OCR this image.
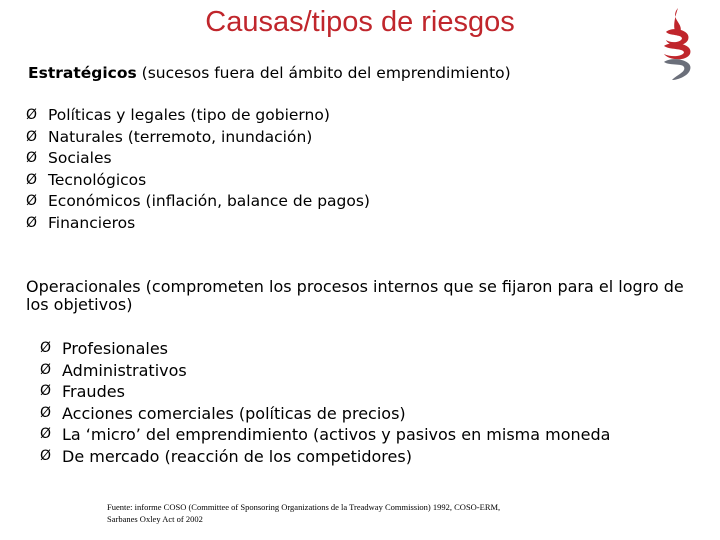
Causas/tipos de riesgos
Estratégicos (sucesos fuera del ámbito del emprendimiento)
Ø Políticas y legales (tipo de gobierno)
Ø Naturales (terremoto, inundación)
Ø Sociales
Ø Tecnológicos
Ø Económicos (inflación, balance de pagos)
Ø Financieros
Operacionales (comprometen los procesos internos que se fijaron para el logro de los objetivos)
Ø Profesionales
Ø Administrativos
Ø Fraudes
Ø Acciones comerciales (políticas de precios)
Ø La ‘micro’ del emprendimiento (activos y pasivos en misma moneda
Ø De mercado (reacción de los competidores)
Fuente: informe COSO (Committee of Sponsoring Organizations de la Treadway Commission) 1992, COSO-ERM,
Sarbanes Oxley Act of 2002
